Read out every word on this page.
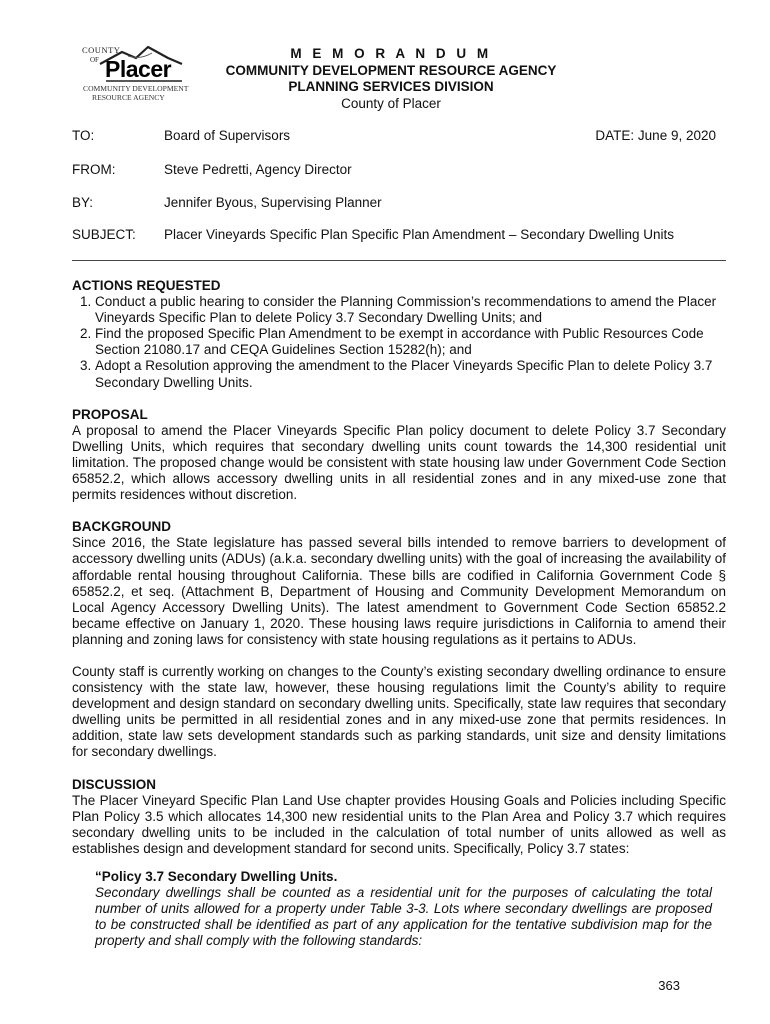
COUNTY
OF Placer
COMMUNITY DEVELOPMENT
RESOURCE AGENCY
M E M O R A N D U M
COMMUNITY DEVELOPMENT RESOURCE AGENCY
PLANNING SERVICES DIVISION
County of Placer
TO:	Board of Supervisors	DATE: June 9, 2020
FROM:	Steve Pedretti, Agency Director
BY:	Jennifer Byous, Supervising Planner
SUBJECT: Placer Vineyards Specific Plan Specific Plan Amendment – Secondary Dwelling Units
ACTIONS REQUESTED
1. Conduct a public hearing to consider the Planning Commission’s recommendations to amend the Placer Vineyards Specific Plan to delete Policy 3.7 Secondary Dwelling Units; and
2. Find the proposed Specific Plan Amendment to be exempt in accordance with Public Resources Code Section 21080.17 and CEQA Guidelines Section 15282(h); and
3. Adopt a Resolution approving the amendment to the Placer Vineyards Specific Plan to delete Policy 3.7 Secondary Dwelling Units.
PROPOSAL

A proposal to amend the Placer Vineyards Specific Plan policy document to delete Policy 3.7 Secondary Dwelling Units, which requires that secondary dwelling units count towards the 14,300 residential unit limitation. The proposed change would be consistent with state housing law under Government Code Section 65852.2, which allows accessory dwelling units in all residential zones and in any mixed-use zone that permits residences without discretion.

BACKGROUND

Since 2016, the State legislature has passed several bills intended to remove barriers to development of accessory dwelling units (ADUs) (a.k.a. secondary dwelling units) with the goal of increasing the availability of affordable rental housing throughout California. These bills are codified in California Government Code § 65852.2, et seq. (Attachment B, Department of Housing and Community Development Memorandum on Local Agency Accessory Dwelling Units). The latest amendment to Government Code Section 65852.2 became effective on January 1, 2020. These housing laws require jurisdictions in California to amend their planning and zoning laws for consistency with state housing regulations as it pertains to ADUs.

County staff is currently working on changes to the County’s existing secondary dwelling ordinance to ensure consistency with the state law, however, these housing regulations limit the County’s ability to require development and design standard on secondary dwelling units. Specifically, state law requires that secondary dwelling units be permitted in all residential zones and in any mixed-use zone that permits residences. In addition, state law sets development standards such as parking standards, unit size and density limitations for secondary dwellings.

DISCUSSION

The Placer Vineyard Specific Plan Land Use chapter provides Housing Goals and Policies including Specific Plan Policy 3.5 which allocates 14,300 new residential units to the Plan Area and Policy 3.7 which requires secondary dwelling units to be included in the calculation of total number of units allowed as well as establishes design and development standard for second units. Specifically, Policy 3.7 states:

“Policy 3.7 Secondary Dwelling Units.
Secondary dwellings shall be counted as a residential unit for the purposes of calculating the total number of units allowed for a property under Table 3-3. Lots where secondary dwellings are proposed to be constructed shall be identified as part of any application for the tentative subdivision map for the property and shall comply with the following standards:
363
